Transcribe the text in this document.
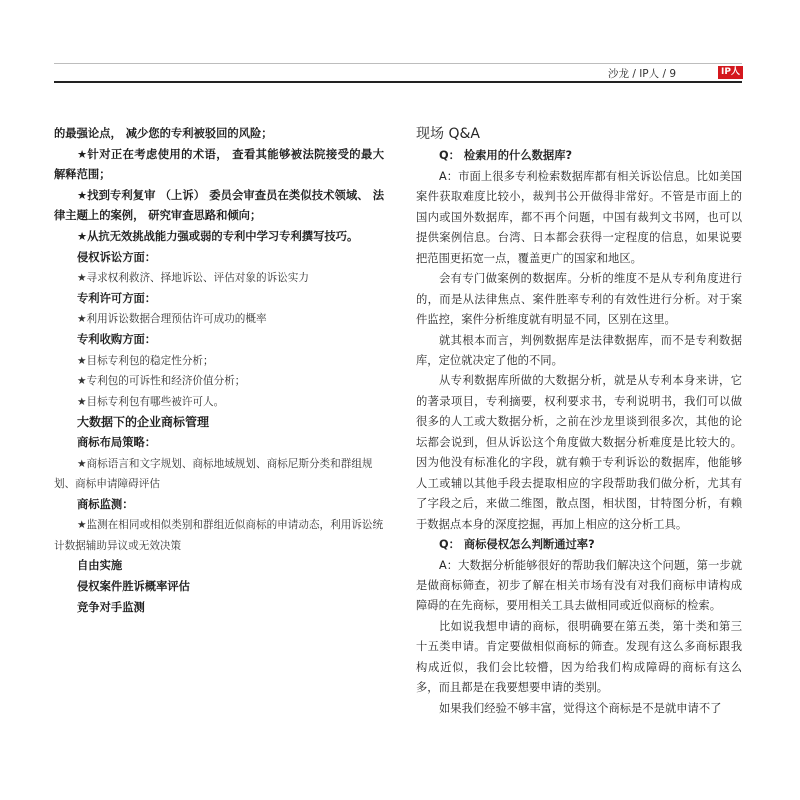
沙龙 / IP人 / 9	IP人

的最强论点， 减少您的专利被驳回的风险；

★针对正在考虑使用的术语， 查看其能够被法院接受的最大解释范围；

★找到专利复审 （上诉） 委员会审查员在类似技术领域、 法律主题上的案例， 研究审查思路和倾向；

★从抗无效挑战能力强或弱的专利中学习专利撰写技巧。

侵权诉讼方面：

★寻求权利救济、择地诉讼、评估对象的诉讼实力

专利许可方面：

★利用诉讼数据合理预估许可成功的概率

专利收购方面：

★目标专利包的稳定性分析；

★专利包的可诉性和经济价值分析；

★目标专利包有哪些被许可人。

大数据下的企业商标管理

商标布局策略：

★商标语言和文字规划、商标地域规划、商标尼斯分类和群组规划、商标申请障碍评估

商标监测：

★监测在相同或相似类别和群组近似商标的申请动态，利用诉讼统计数据辅助异议或无效决策

自由实施

侵权案件胜诉概率评估

竞争对手监测

现场 Q&A

Q： 检索用的什么数据库?

A：市面上很多专利检索数据库都有相关诉讼信息。比如美国案件获取难度比较小，裁判书公开做得非常好。不管是市面上的国内或国外数据库，都不再个问题，中国有裁判文书网，也可以提供案例信息。台湾、日本都会获得一定程度的信息，如果说要把范围更拓宽一点，覆盖更广的国家和地区。

会有专门做案例的数据库。分析的维度不是从专利角度进行的，而是从法律焦点、案件胜率专利的有效性进行分析。对于案件监控，案件分析维度就有明显不同，区别在这里。

就其根本而言，判例数据库是法律数据库，而不是专利数据库，定位就决定了他的不同。

从专利数据库所做的大数据分析，就是从专利本身来讲，它的著录项目，专利摘要，权利要求书，专利说明书，我们可以做很多的人工或大数据分析，之前在沙龙里谈到很多次，其他的论坛都会说到，但从诉讼这个角度做大数据分析难度是比较大的。因为他没有标准化的字段，就有赖于专利诉讼的数据库，他能够人工或辅以其他手段去提取相应的字段帮助我们做分析，尤其有了字段之后，来做二维图，散点图，相状图，甘特图分析，有赖于数据点本身的深度挖掘，再加上相应的这分析工具。

Q： 商标侵权怎么判断通过率?

A：大数据分析能够很好的帮助我们解决这个问题，第一步就是做商标筛查，初步了解在相关市场有没有对我们商标申请构成障碍的在先商标，要用相关工具去做相同或近似商标的检索。

比如说我想申请的商标，很明确要在第五类，第十类和第三十五类申请。肯定要做相似商标的筛查。发现有这么多商标跟我构成近似，我们会比较懵，因为给我们构成障碍的商标有这么多，而且都是在我要想要申请的类别。

如果我们经验不够丰富，觉得这个商标是不是就申请不了
